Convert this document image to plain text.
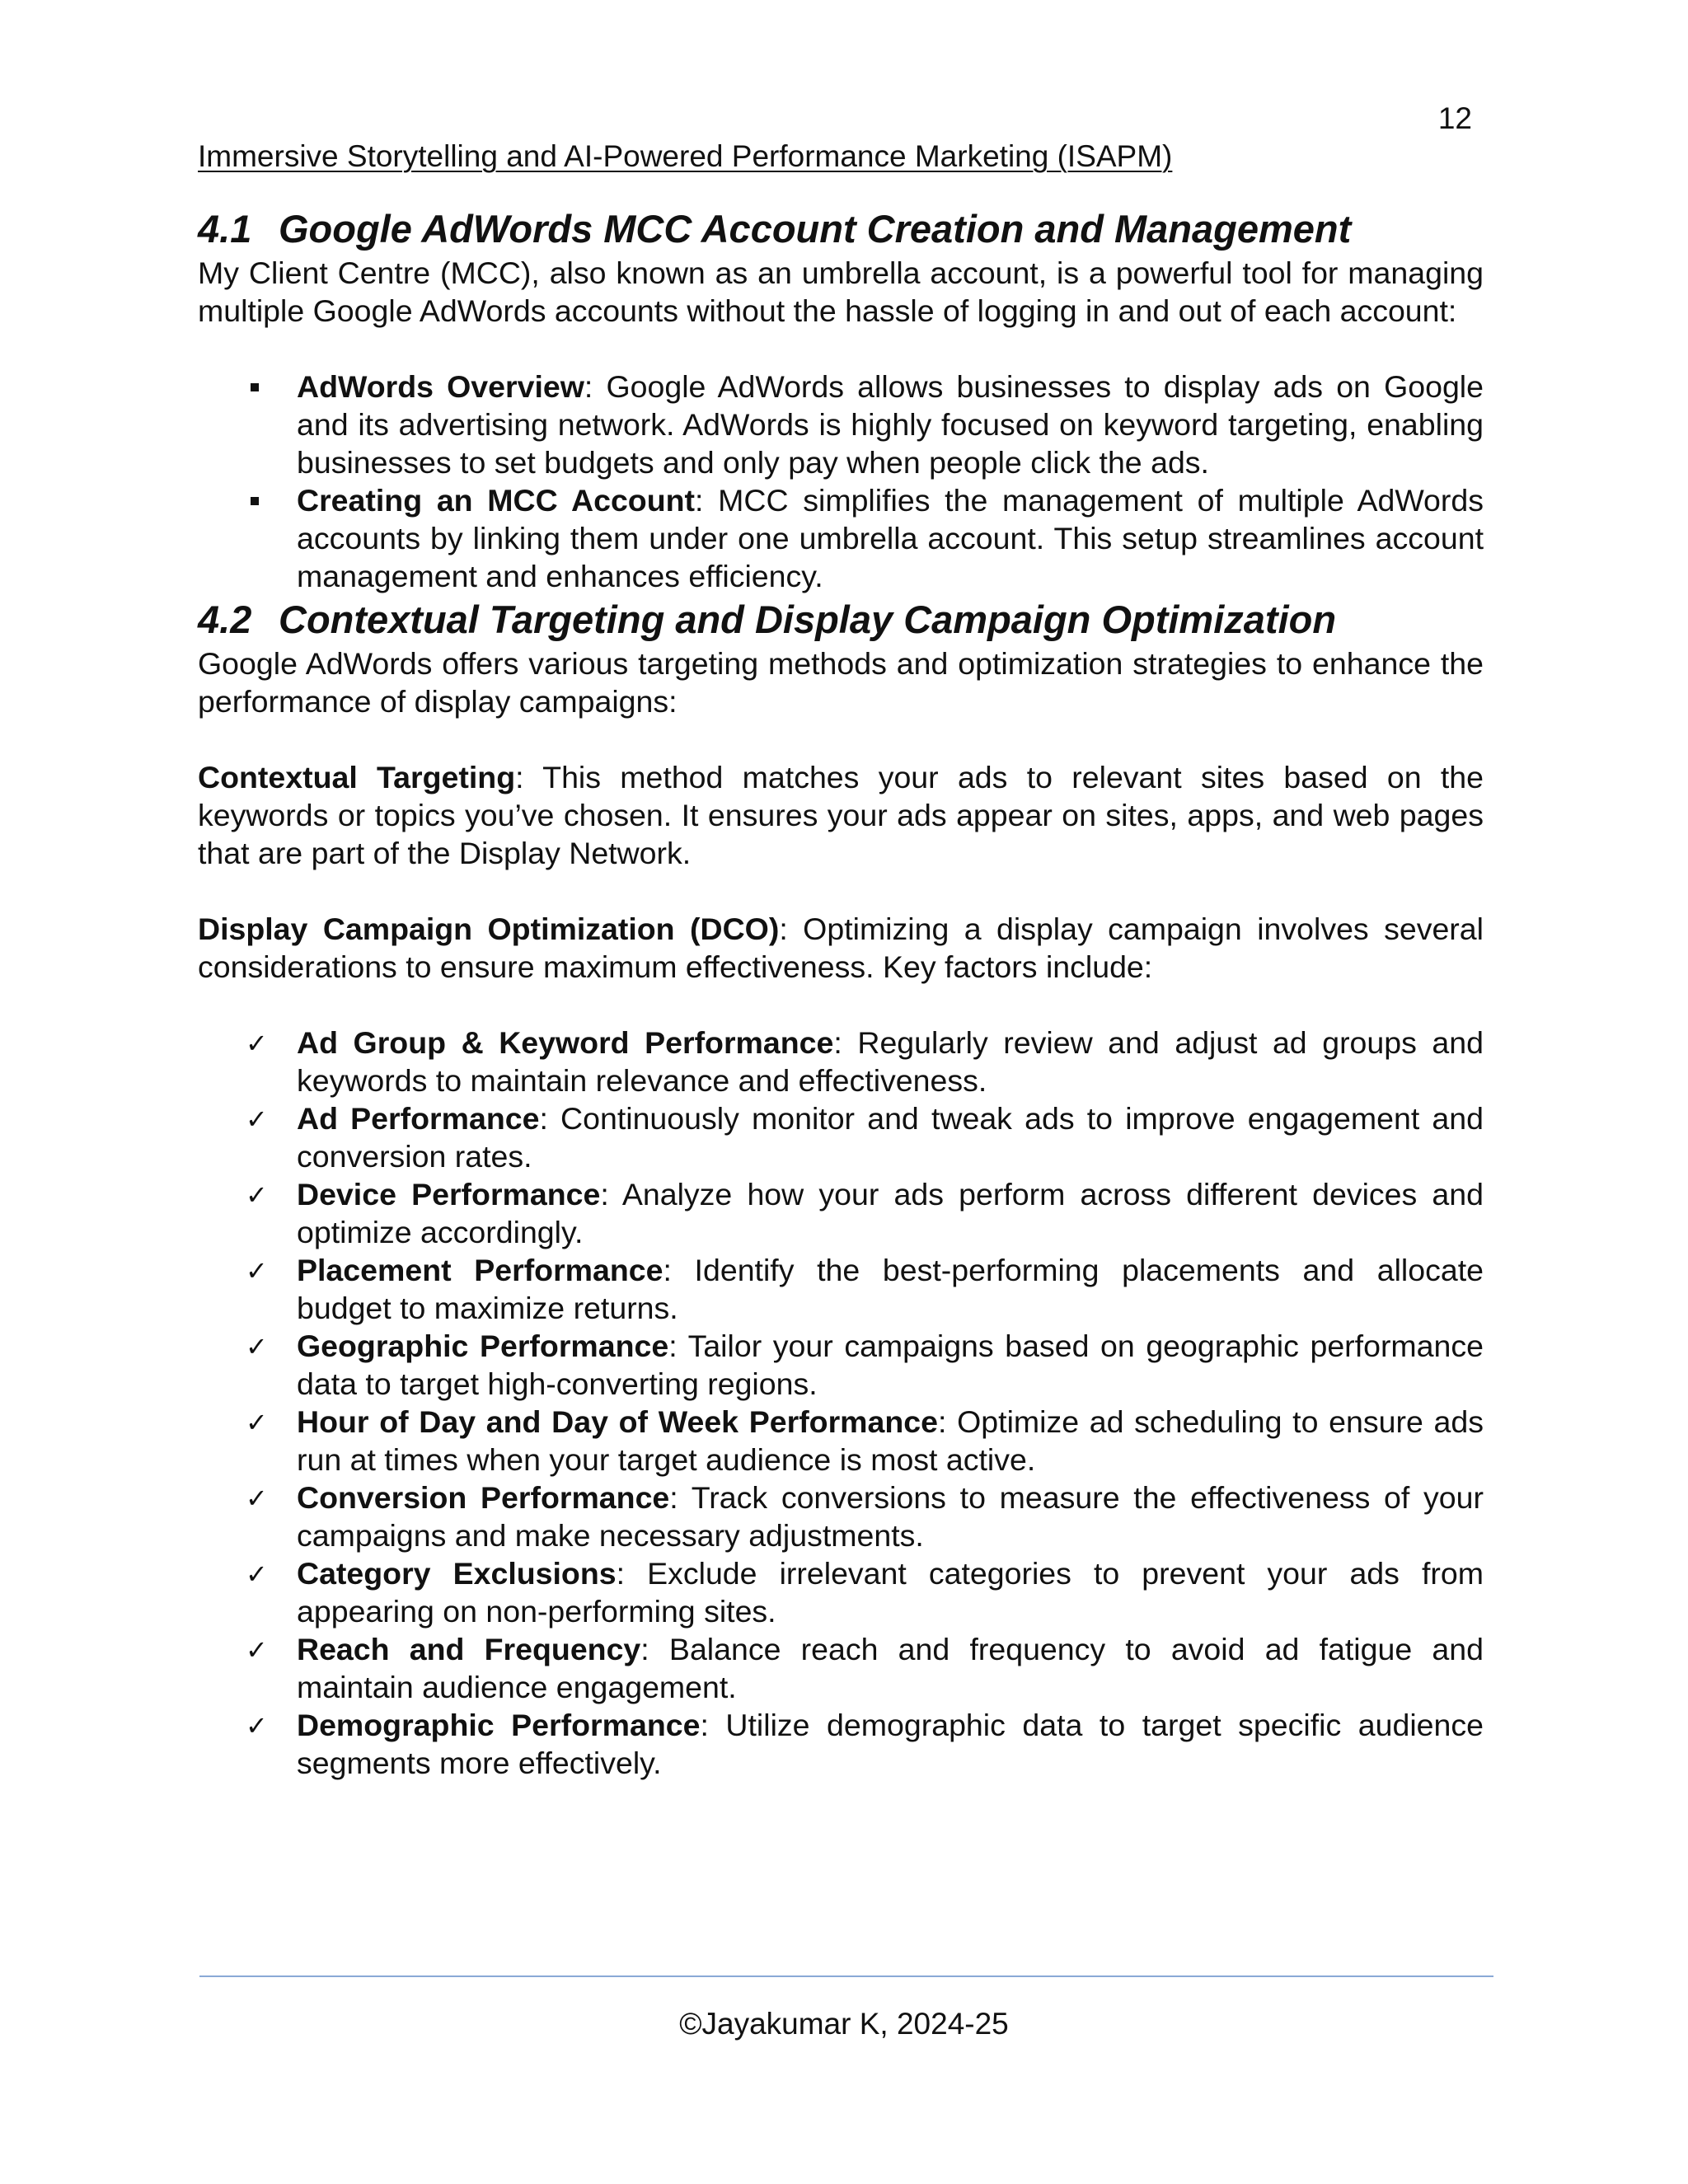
12
Immersive Storytelling and AI-Powered Performance Marketing (ISAPM)
4.1 Google AdWords MCC Account Creation and Management

My Client Centre (MCC), also known as an umbrella account, is a powerful tool for managing multiple Google AdWords accounts without the hassle of logging in and out of each account:

AdWords Overview: Google AdWords allows businesses to display ads on Google and its advertising network. AdWords is highly focused on keyword targeting, enabling businesses to set budgets and only pay when people click the ads.
Creating an MCC Account: MCC simplifies the management of multiple AdWords accounts by linking them under one umbrella account. This setup streamlines account management and enhances efficiency.
4.2 Contextual Targeting and Display Campaign Optimization

Google AdWords offers various targeting methods and optimization strategies to enhance the performance of display campaigns:

Contextual Targeting: This method matches your ads to relevant sites based on the keywords or topics you’ve chosen. It ensures your ads appear on sites, apps, and web pages that are part of the Display Network.

Display Campaign Optimization (DCO): Optimizing a display campaign involves several considerations to ensure maximum effectiveness. Key factors include:

✓ Ad Group & Keyword Performance: Regularly review and adjust ad groups and keywords to maintain relevance and effectiveness.
✓ Ad Performance: Continuously monitor and tweak ads to improve engagement and conversion rates.
✓ Device Performance: Analyze how your ads perform across different devices and optimize accordingly.
✓ Placement Performance: Identify the best-performing placements and allocate budget to maximize returns.
✓ Geographic Performance: Tailor your campaigns based on geographic performance data to target high-converting regions.
✓ Hour of Day and Day of Week Performance: Optimize ad scheduling to ensure ads run at times when your target audience is most active.
✓ Conversion Performance: Track conversions to measure the effectiveness of your campaigns and make necessary adjustments.
✓ Category Exclusions: Exclude irrelevant categories to prevent your ads from appearing on non-performing sites.
✓ Reach and Frequency: Balance reach and frequency to avoid ad fatigue and maintain audience engagement.
✓ Demographic Performance: Utilize demographic data to target specific audience segments more effectively.
©Jayakumar K, 2024-25
